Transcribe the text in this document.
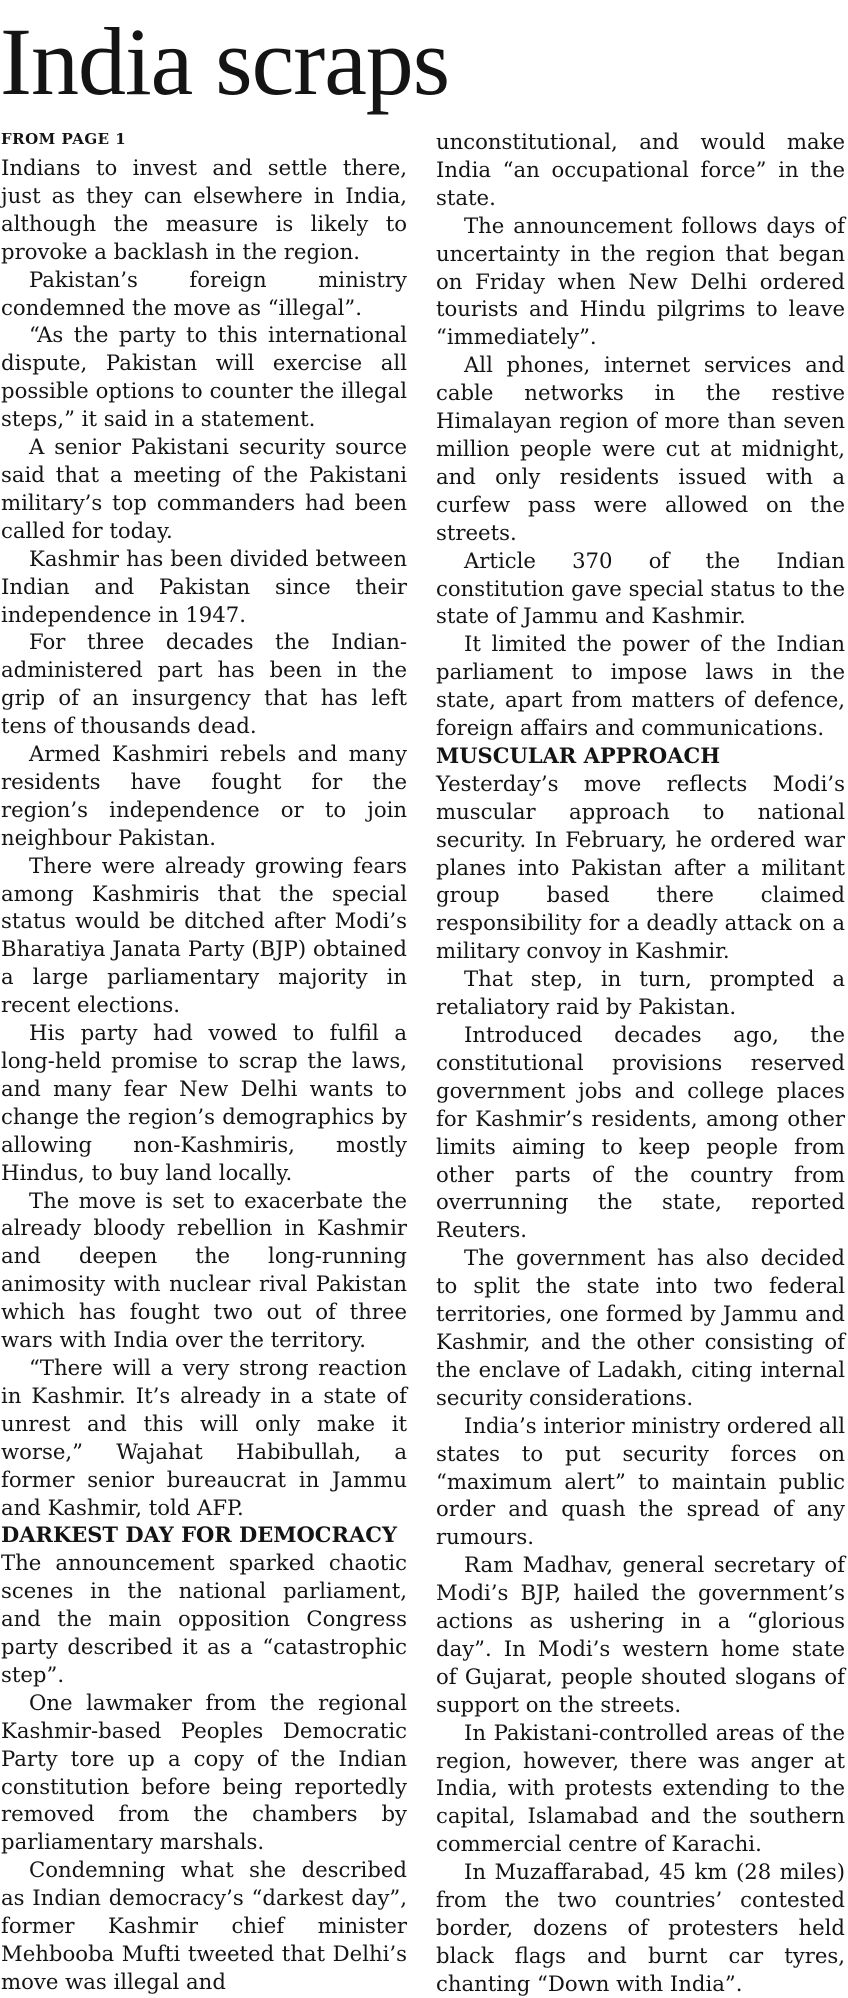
India scraps
FROM PAGE 1

Indians to invest and settle there, just as they can elsewhere in India, although the measure is likely to provoke a backlash in the region.

Pakistan’s foreign ministry condemned the move as “illegal”.

“As the party to this international dispute, Pakistan will exercise all possible options to counter the illegal steps,” it said in a statement.

A senior Pakistani security source said that a meeting of the Pakistani military’s top commanders had been called for today.

Kashmir has been divided between Indian and Pakistan since their independence in 1947.

For three decades the Indian-administered part has been in the grip of an insurgency that has left tens of thousands dead.

Armed Kashmiri rebels and many residents have fought for the region’s independence or to join neighbour Pakistan.

There were already growing fears among Kashmiris that the special status would be ditched after Modi’s Bharatiya Janata Party (BJP) obtained a large parliamentary majority in recent elections.

His party had vowed to fulfil a long-held promise to scrap the laws, and many fear New Delhi wants to change the region’s demographics by allowing non-Kashmiris, mostly Hindus, to buy land locally.

The move is set to exacerbate the already bloody rebellion in Kashmir and deepen the long-running animosity with nuclear rival Pakistan which has fought two out of three wars with India over the territory.

“There will a very strong reaction in Kashmir. It’s already in a state of unrest and this will only make it worse,” Wajahat Habibullah, a former senior bureaucrat in Jammu and Kashmir, told AFP.

DARKEST DAY FOR DEMOCRACY

The announcement sparked chaotic scenes in the national parliament, and the main opposition Congress party described it as a “catastrophic step”.

One lawmaker from the regional Kashmir-based Peoples Democratic Party tore up a copy of the Indian constitution before being reportedly removed from the chambers by parliamentary marshals.

Condemning what she described as Indian democracy’s “darkest day”, former Kashmir chief minister Mehbooba Mufti tweeted that Delhi’s move was illegal and

unconstitutional, and would make India “an occupational force” in the state.

The announcement follows days of uncertainty in the region that began on Friday when New Delhi ordered tourists and Hindu pilgrims to leave “immediately”.

All phones, internet services and cable networks in the restive Himalayan region of more than seven million people were cut at midnight, and only residents issued with a curfew pass were allowed on the streets.

Article 370 of the Indian constitution gave special status to the state of Jammu and Kashmir.

It limited the power of the Indian parliament to impose laws in the state, apart from matters of defence, foreign affairs and communications.

MUSCULAR APPROACH

Yesterday’s move reflects Modi’s muscular approach to national security. In February, he ordered war planes into Pakistan after a militant group based there claimed responsibility for a deadly attack on a military convoy in Kashmir.

That step, in turn, prompted a retaliatory raid by Pakistan.

Introduced decades ago, the constitutional provisions reserved government jobs and college places for Kashmir’s residents, among other limits aiming to keep people from other parts of the country from overrunning the state, reported Reuters.

The government has also decided to split the state into two federal territories, one formed by Jammu and Kashmir, and the other consisting of the enclave of Ladakh, citing internal security considerations.

India’s interior ministry ordered all states to put security forces on “maximum alert” to maintain public order and quash the spread of any rumours.

Ram Madhav, general secretary of Modi’s BJP, hailed the government’s actions as ushering in a “glorious day”. In Modi’s western home state of Gujarat, people shouted slogans of support on the streets.

In Pakistani-controlled areas of the region, however, there was anger at India, with protests extending to the capital, Islamabad and the southern commercial centre of Karachi.

In Muzaffarabad, 45 km (28 miles) from the two countries’ contested border, dozens of protesters held black flags and burnt car tyres, chanting “Down with India”.
